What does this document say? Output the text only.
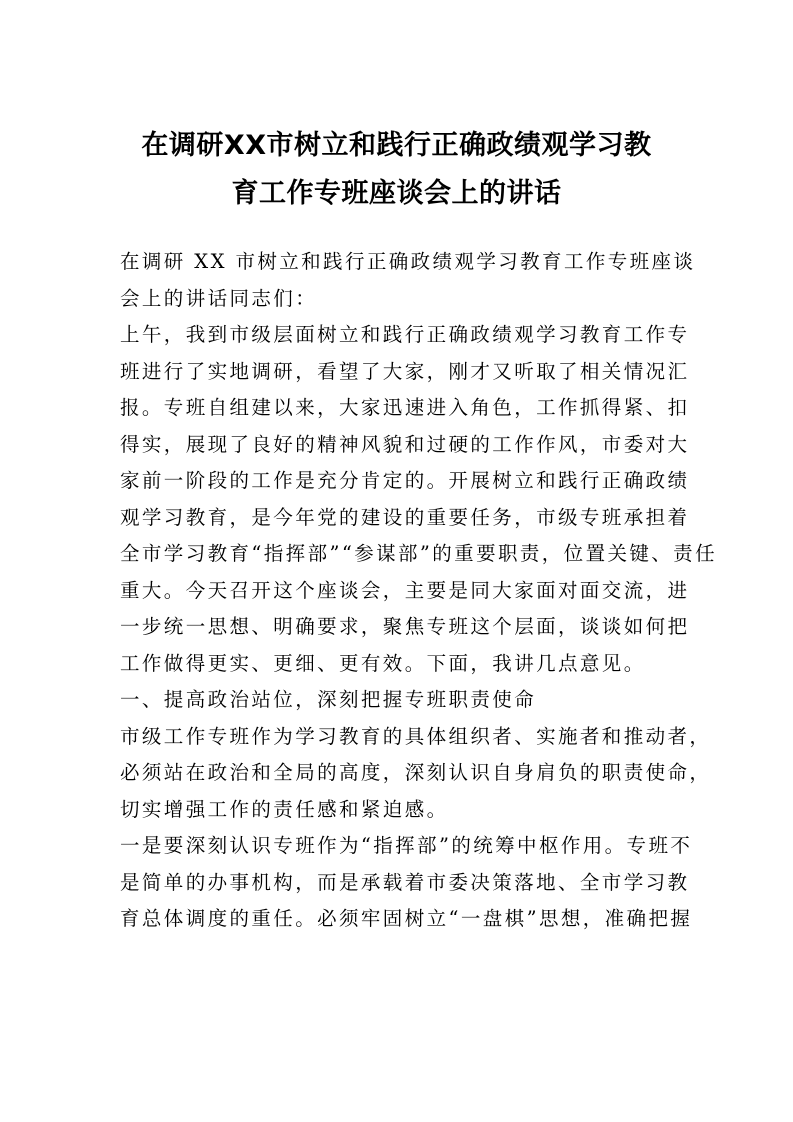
在调研XX市树立和践行正确政绩观学习教
育工作专班座谈会上的讲话
在调研 XX 市树立和践行正确政绩观学习教育工作专班座谈
会上的讲话同志们：
上午，我到市级层面树立和践行正确政绩观学习教育工作专
班进行了实地调研，看望了大家，刚才又听取了相关情况汇
报。专班自组建以来，大家迅速进入角色，工作抓得紧、扣
得实，展现了良好的精神风貌和过硬的工作作风，市委对大
家前一阶段的工作是充分肯定的。开展树立和践行正确政绩
观学习教育，是今年党的建设的重要任务，市级专班承担着
全市学习教育“指挥部”“参谋部”的重要职责，位置关键、责任
重大。今天召开这个座谈会，主要是同大家面对面交流，进
一步统一思想、明确要求，聚焦专班这个层面，谈谈如何把
工作做得更实、更细、更有效。下面，我讲几点意见。
一、提高政治站位，深刻把握专班职责使命
市级工作专班作为学习教育的具体组织者、实施者和推动者，
必须站在政治和全局的高度，深刻认识自身肩负的职责使命，
切实增强工作的责任感和紧迫感。
一是要深刻认识专班作为“指挥部”的统筹中枢作用。专班不
是简单的办事机构，而是承载着市委决策落地、全市学习教
育总体调度的重任。必须牢固树立“一盘棋”思想，准确把握
